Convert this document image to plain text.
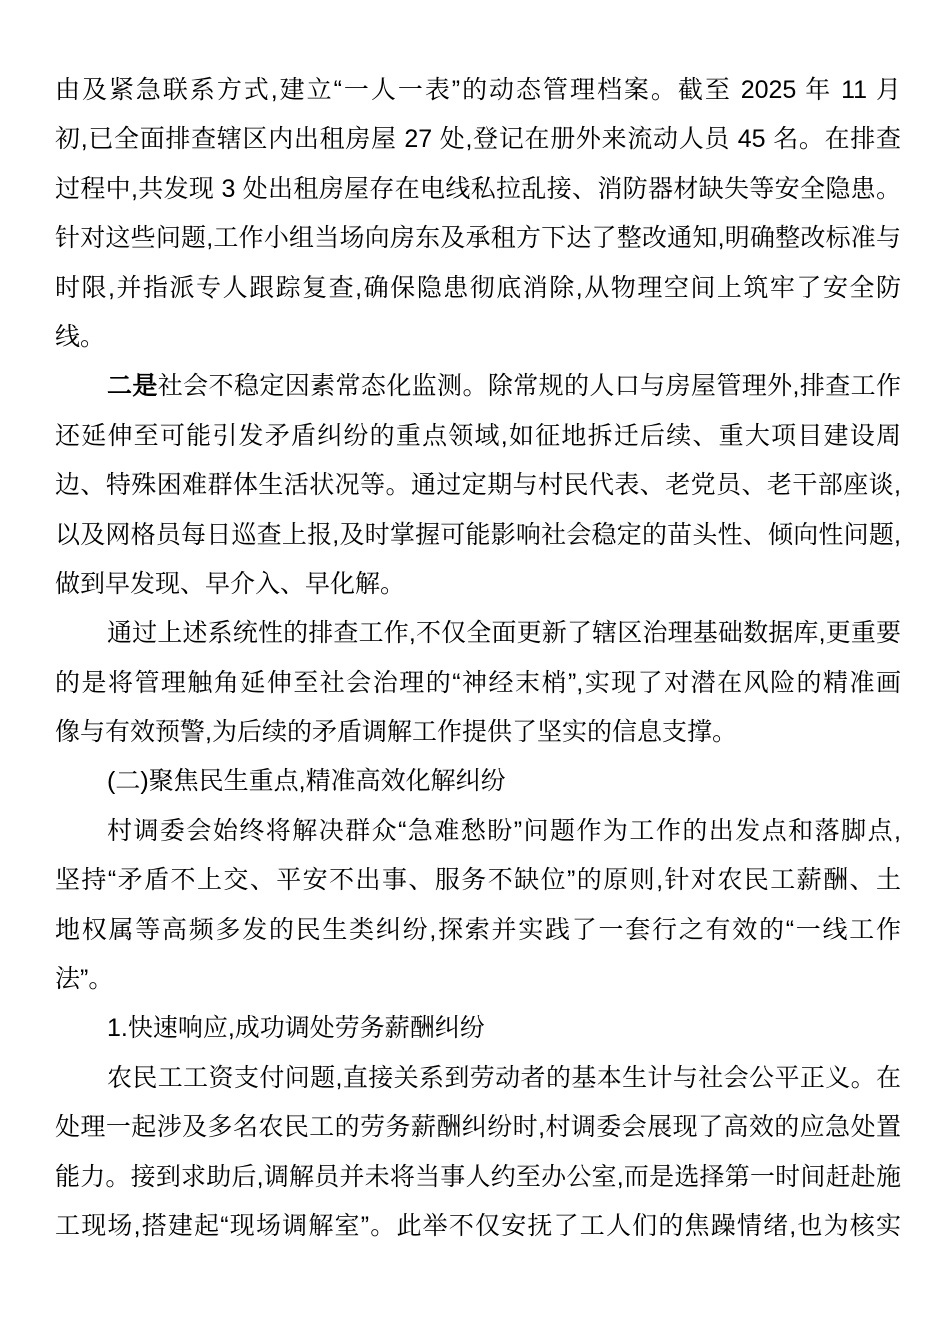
由及紧急联系方式,建立“一人一表”的动态管理档案。截至 2025 年 11 月
初,已全面排查辖区内出租房屋 27 处,登记在册外来流动人员 45 名。在排查
过程中,共发现 3 处出租房屋存在电线私拉乱接、消防器材缺失等安全隐患。
针对这些问题,工作小组当场向房东及承租方下达了整改通知,明确整改标准与
时限,并指派专人跟踪复查,确保隐患彻底消除,从物理空间上筑牢了安全防
线。
二是社会不稳定因素常态化监测。除常规的人口与房屋管理外,排查工作
还延伸至可能引发矛盾纠纷的重点领域,如征地拆迁后续、重大项目建设周
边、特殊困难群体生活状况等。通过定期与村民代表、老党员、老干部座谈,
以及网格员每日巡查上报,及时掌握可能影响社会稳定的苗头性、倾向性问题,
做到早发现、早介入、早化解。
通过上述系统性的排查工作,不仅全面更新了辖区治理基础数据库,更重要
的是将管理触角延伸至社会治理的“神经末梢”,实现了对潜在风险的精准画
像与有效预警,为后续的矛盾调解工作提供了坚实的信息支撑。
(二)聚焦民生重点,精准高效化解纠纷
村调委会始终将解决群众“急难愁盼”问题作为工作的出发点和落脚点,
坚持“矛盾不上交、平安不出事、服务不缺位”的原则,针对农民工薪酬、土
地权属等高频多发的民生类纠纷,探索并实践了一套行之有效的“一线工作
法”。
1.快速响应,成功调处劳务薪酬纠纷
农民工工资支付问题,直接关系到劳动者的基本生计与社会公平正义。在
处理一起涉及多名农民工的劳务薪酬纠纷时,村调委会展现了高效的应急处置
能力。接到求助后,调解员并未将当事人约至办公室,而是选择第一时间赶赴施
工现场,搭建起“现场调解室”。此举不仅安抚了工人们的焦躁情绪,也为核实
